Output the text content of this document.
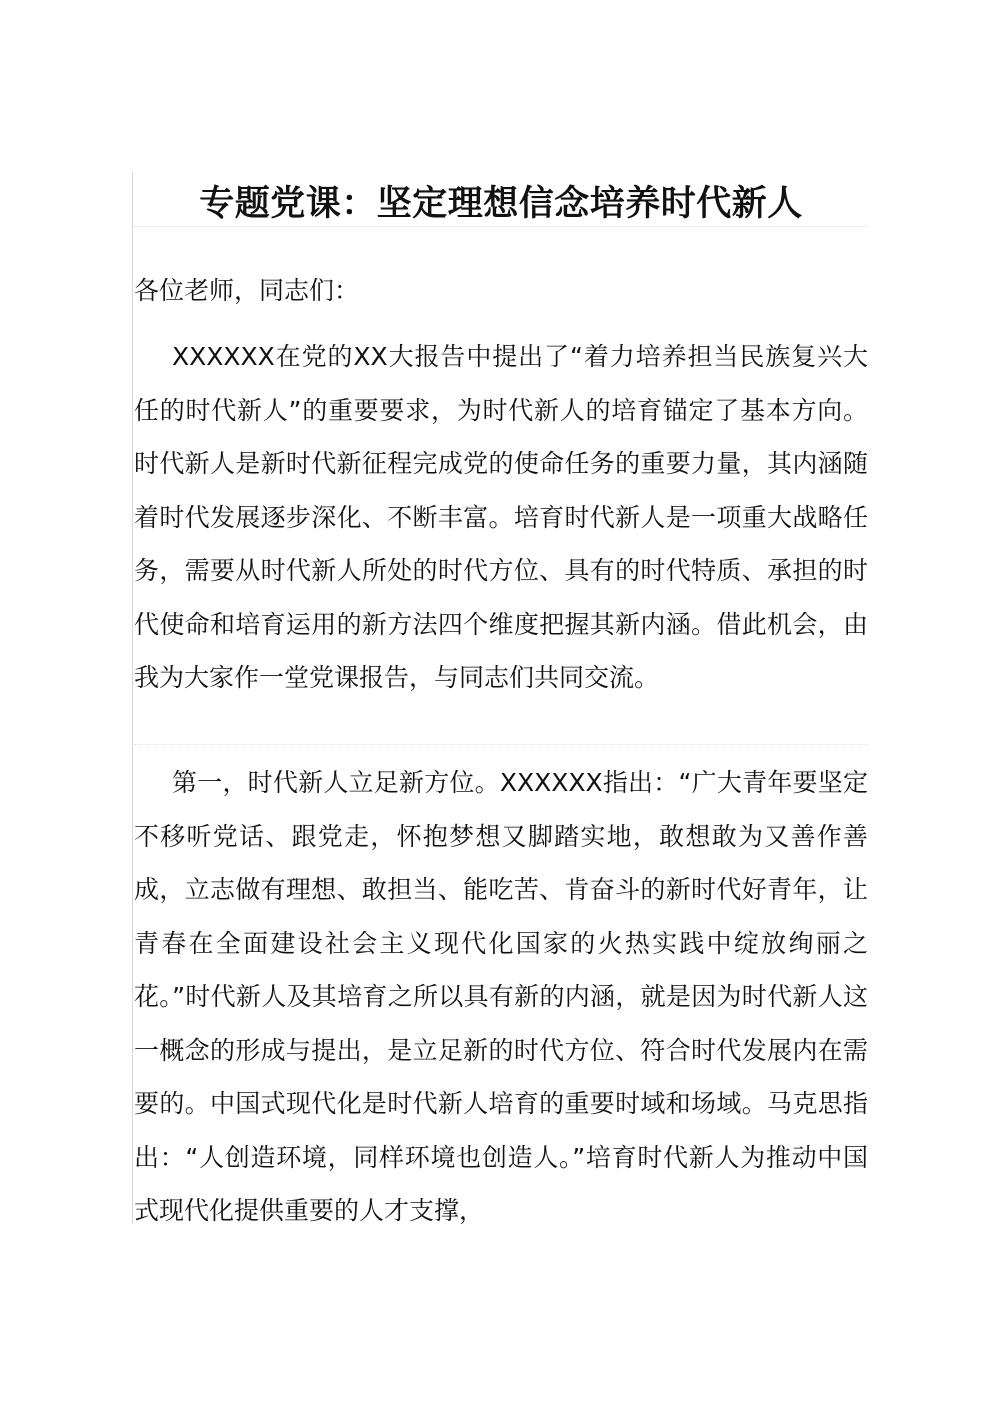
专题党课：坚定理想信念培养时代新人

各位老师，同志们：

XXXXXX在党的XX大报告中提出了“着力培养担当民族复兴大任的时代新人”的重要要求，为时代新人的培育锚定了基本方向。时代新人是新时代新征程完成党的使命任务的重要力量，其内涵随着时代发展逐步深化、不断丰富。培育时代新人是一项重大战略任务，需要从时代新人所处的时代方位、具有的时代特质、承担的时代使命和培育运用的新方法四个维度把握其新内涵。借此机会，由我为大家作一堂党课报告，与同志们共同交流。

第一，时代新人立足新方位。XXXXXX指出：“广大青年要坚定不移听党话、跟党走，怀抱梦想又脚踏实地，敢想敢为又善作善成，立志做有理想、敢担当、能吃苦、肯奋斗的新时代好青年，让青春在全面建设社会主义现代化国家的火热实践中绽放绚丽之花。”时代新人及其培育之所以具有新的内涵，就是因为时代新人这一概念的形成与提出，是立足新的时代方位、符合时代发展内在需要的。中国式现代化是时代新人培育的重要时域和场域。马克思指出：“人创造环境，同样环境也创造人。”培育时代新人为推动中国式现代化提供重要的人才支撑，
